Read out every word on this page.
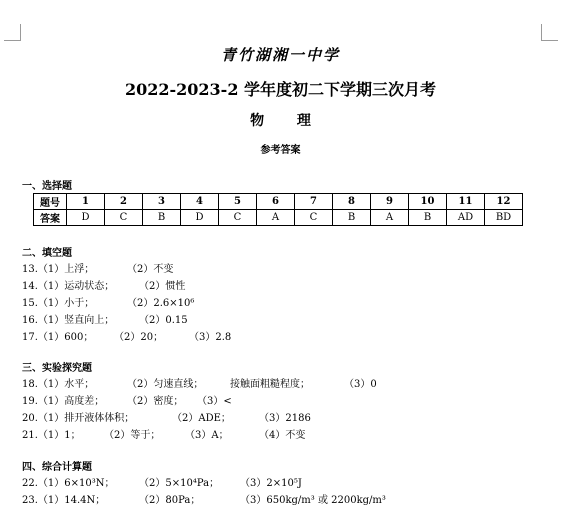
青竹湖湘一中学
2022-2023-2 学年度初二下学期三次月考
物 理
参考答案
一、选择题
题号	1	2	3	4	5	6	7	8	9	10	11	12
答案	D	C	B	D	C	A	C	B	A	B	AD	BD
二、填空题
13.（1）上浮；	（2）不变
14.（1）运动状态； （2）惯性
15.（1）小于；	（2）2.6×10⁶
16.（1）竖直向上； （2）0.15
17.（1）600； （2）20；	（3）2.8
三、实验探究题
18.（1）水平；	（2）匀速直线；	接触面粗糙程度；	（3）0
19.（1）高度差； （2）密度； （3）<
20.（1）排开液体体积；	（2）ADE；	（3）2186
21.（1）1； （2）等于； （3）A；	（4）不变
四、综合计算题
22.（1）6×10³N； （2）5×10⁴Pa； （3）2×10⁵J
23.（1）14.4N；	（2）80Pa；	（3）650kg/m³ 或 2200kg/m³
